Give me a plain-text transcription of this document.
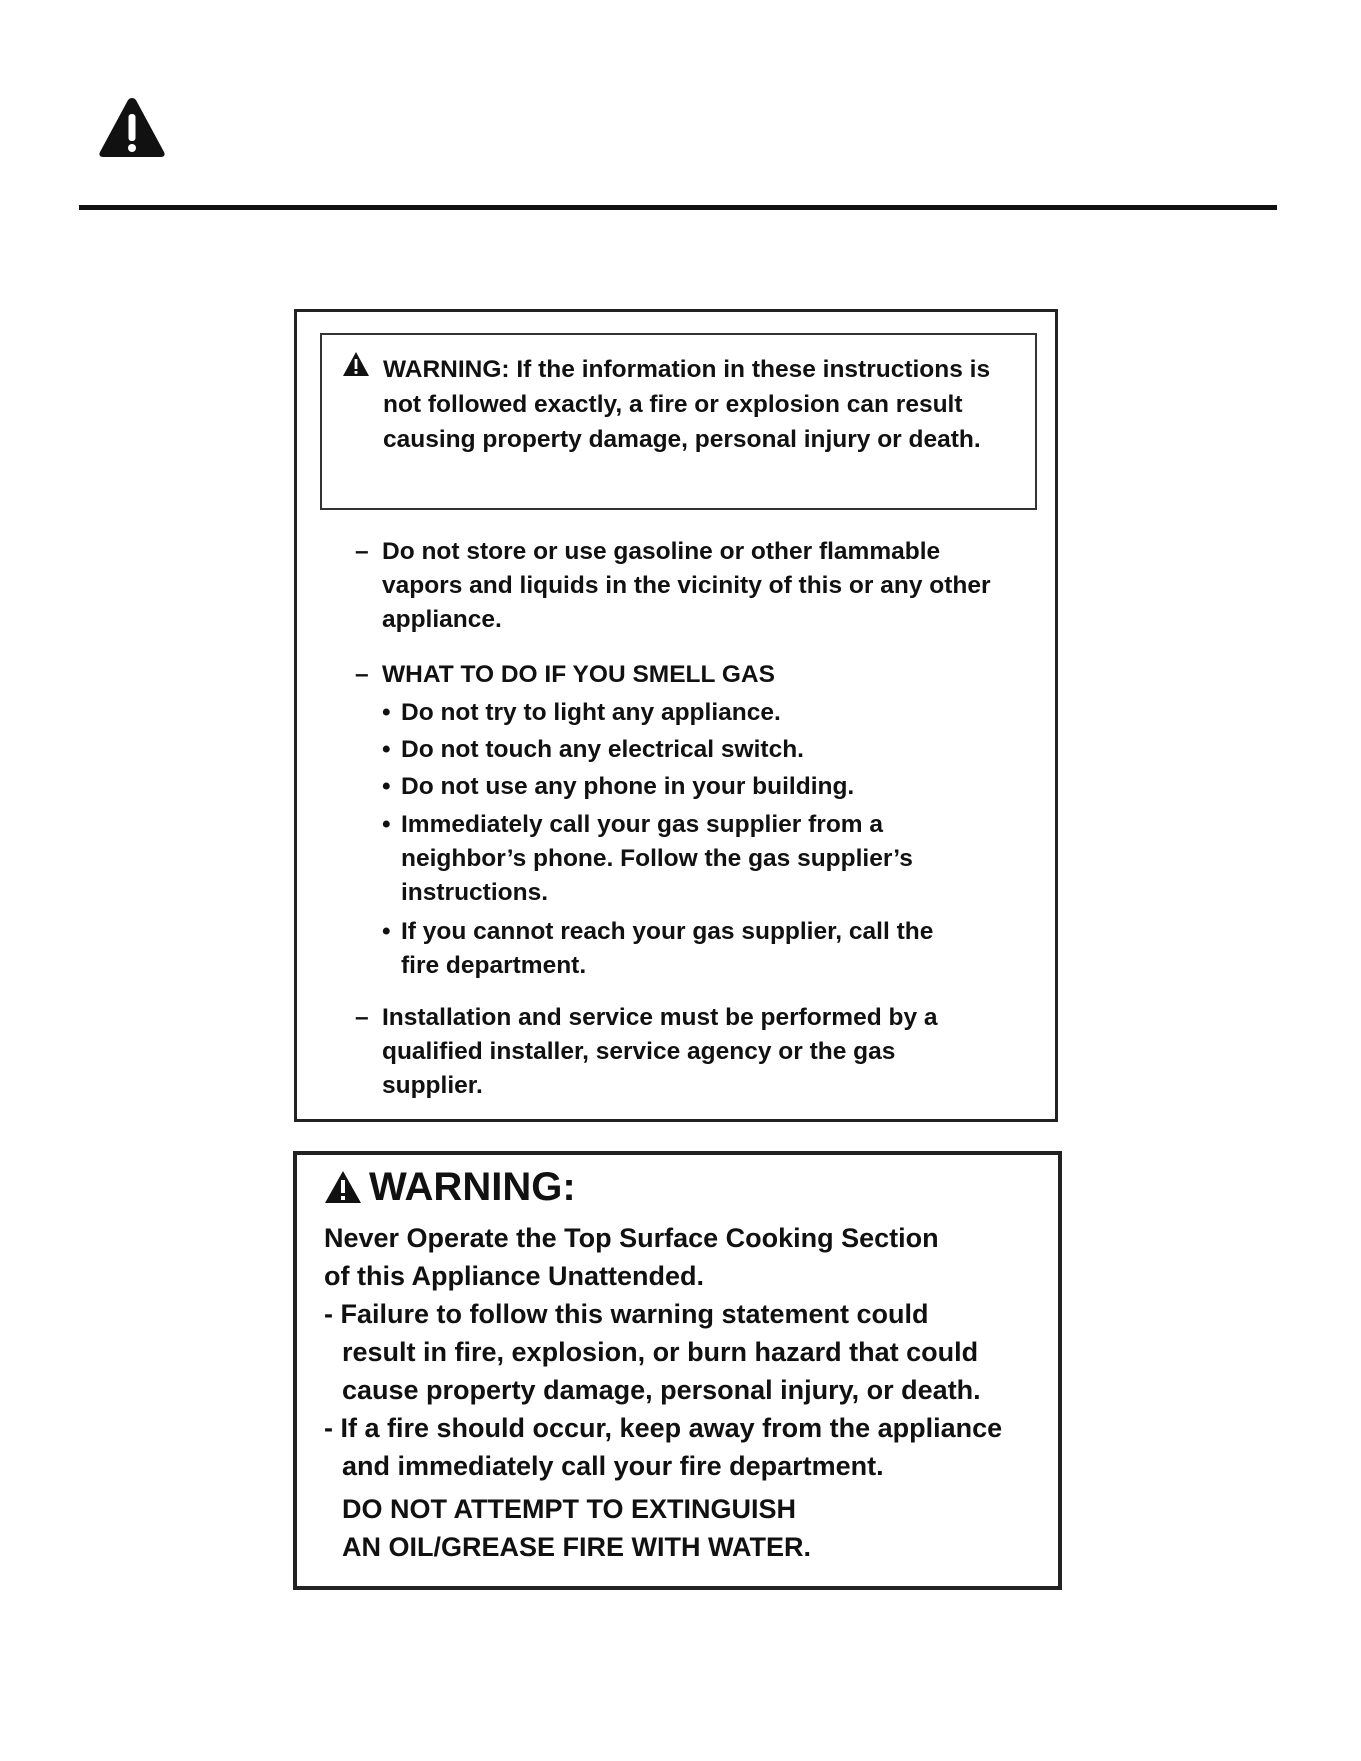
WARNING: If the information in these instructions is not followed exactly, a fire or explosion can result causing property damage, personal injury or death.

– Do not store or use gasoline or other flammable vapors and liquids in the vicinity of this or any other appliance.

– WHAT TO DO IF YOU SMELL GAS

• Do not try to light any appliance.

• Do not touch any electrical switch.

• Do not use any phone in your building.

• Immediately call your gas supplier from a neighbor’s phone. Follow the gas supplier’s instructions.

• If you cannot reach your gas supplier, call the fire department.

– Installation and service must be performed by a qualified installer, service agency or the gas supplier.

WARNING:

Never Operate the Top Surface Cooking Section

of this Appliance Unattended.

- Failure to follow this warning statement could

result in fire, explosion, or burn hazard that could

cause property damage, personal injury, or death.

- If a fire should occur, keep away from the appliance

and immediately call your fire department.

DO NOT ATTEMPT TO EXTINGUISH

AN OIL/GREASE FIRE WITH WATER.
